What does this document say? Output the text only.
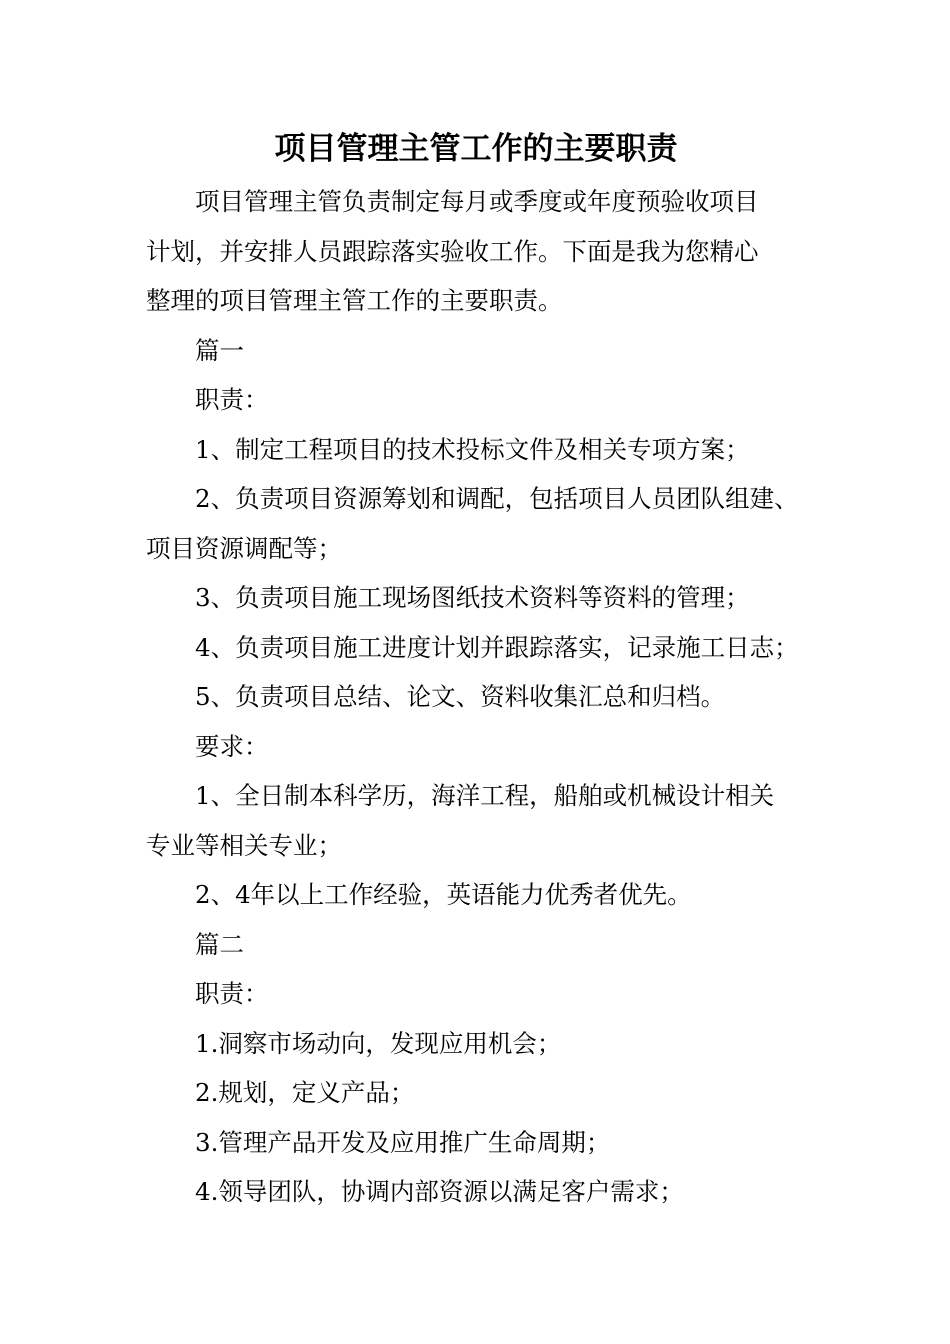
项目管理主管工作的主要职责
项目管理主管负责制定每月或季度或年度预验收项目
计划，并安排人员跟踪落实验收工作。下面是我为您精心
整理的项目管理主管工作的主要职责。
篇一
职责：
1、制定工程项目的技术投标文件及相关专项方案；
2、负责项目资源筹划和调配，包括项目人员团队组建、
项目资源调配等；
3、负责项目施工现场图纸技术资料等资料的管理；
4、负责项目施工进度计划并跟踪落实，记录施工日志；
5、负责项目总结、论文、资料收集汇总和归档。
要求：
1、全日制本科学历，海洋工程，船舶或机械设计相关
专业等相关专业；
2、4年以上工作经验，英语能力优秀者优先。
篇二
职责：
1.洞察市场动向，发现应用机会；
2.规划，定义产品；
3.管理产品开发及应用推广生命周期；
4.领导团队，协调内部资源以满足客户需求；
